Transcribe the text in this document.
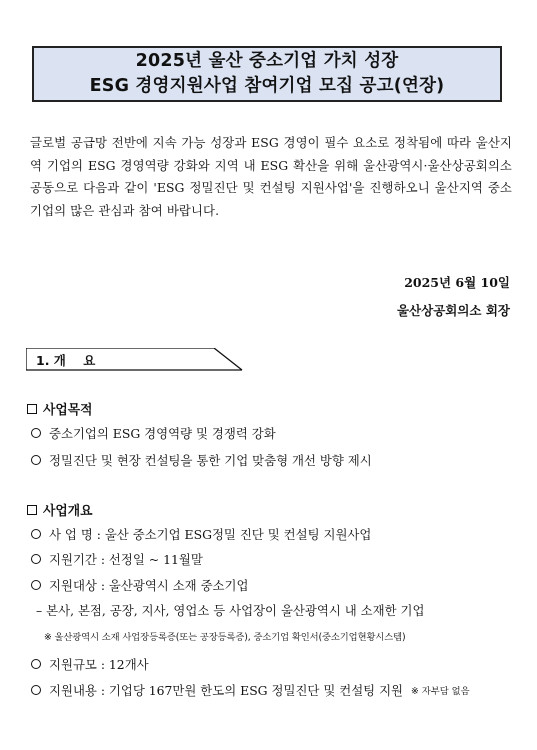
2025년 울산 중소기업 가치 성장
ESG 경영지원사업 참여기업 모집 공고(연장)
글로벌 공급망 전반에 지속 가능 성장과 ESG 경영이 필수 요소로 정착됨에 따라 울산지역 기업의 ESG 경영역량 강화와 지역 내 ESG 확산을 위해 울산광역시·울산상공회의소 공동으로 다음과 같이 'ESG 정밀진단 및 컨설팅 지원사업'을 진행하오니 울산지역 중소기업의 많은 관심과 참여 바랍니다.
2025년 6월 10일
울산상공회의소 회장
1. 개    요
사업목적
중소기업의 ESG 경영역량 및 경쟁력 강화
정밀진단 및 현장 컨설팅을 통한 기업 맞춤형 개선 방향 제시
사업개요
사 업 명 : 울산 중소기업 ESG정밀 진단 및 컨설팅 지원사업
지원기간 : 선정일 ~ 11월말
지원대상 : 울산광역시 소재 중소기업
– 본사, 본점, 공장, 지사, 영업소 등 사업장이 울산광역시 내 소재한 기업
※ 울산광역시 소재 사업장등록증(또는 공장등록증), 중소기업 확인서(중소기업현황시스템)
지원규모 : 12개사
지원내용 : 기업당 167만원 한도의 ESG 정밀진단 및 컨설팅 지원 ※ 자부담 없음
